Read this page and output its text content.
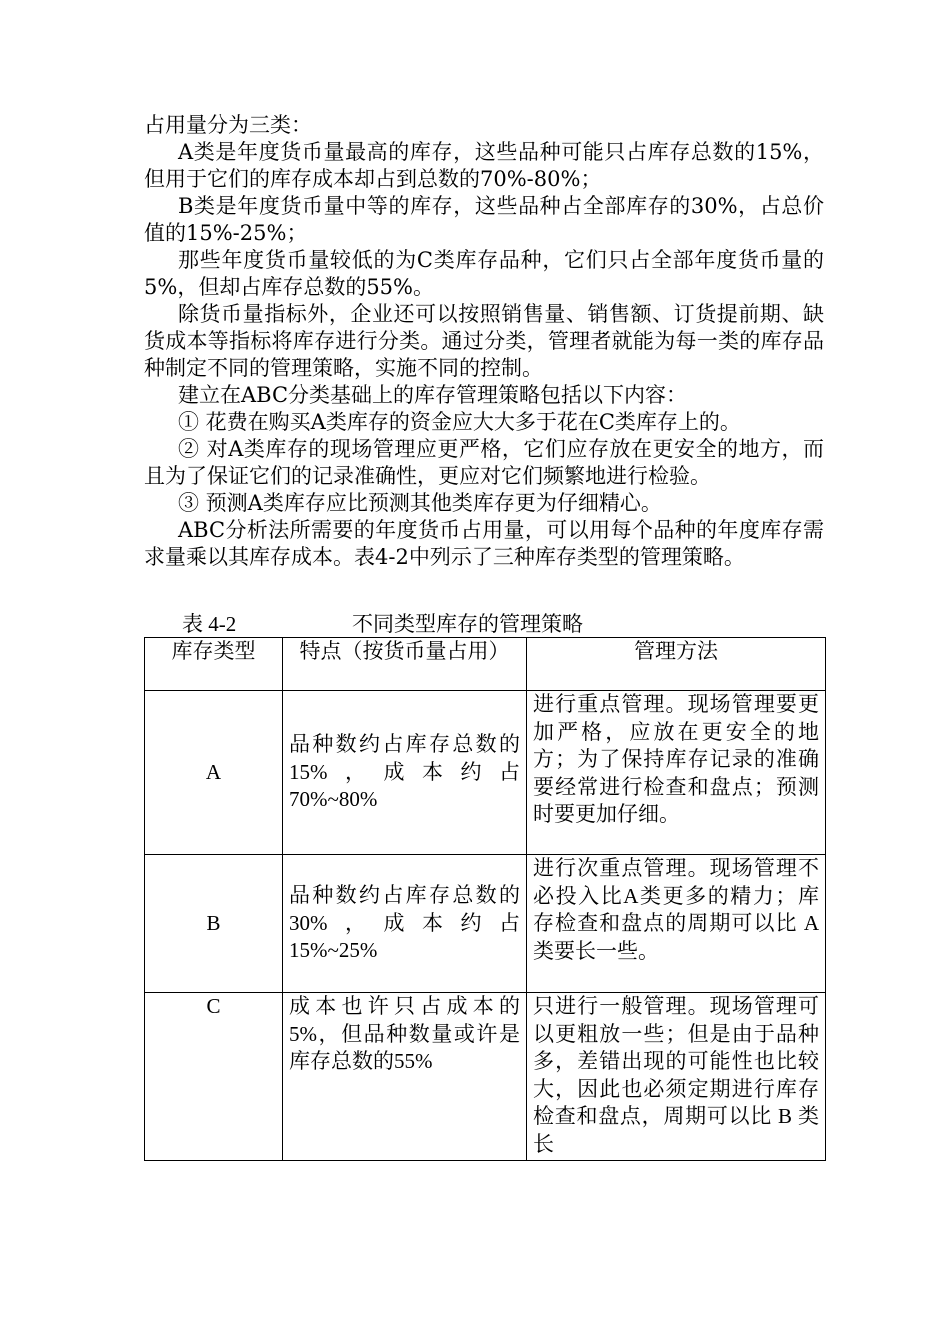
占用量分为三类：

A类是年度货币量最高的库存，这些品种可能只占库存总数的15%，但用于它们的库存成本却占到总数的70%-80%；

B类是年度货币量中等的库存，这些品种占全部库存的30%，占总价值的15%-25%；

那些年度货币量较低的为C类库存品种，它们只占全部年度货币量的5%，但却占库存总数的55%。

除货币量指标外，企业还可以按照销售量、销售额、订货提前期、缺货成本等指标将库存进行分类。通过分类，管理者就能为每一类的库存品种制定不同的管理策略，实施不同的控制。

建立在ABC分类基础上的库存管理策略包括以下内容：

① 花费在购买A类库存的资金应大大多于花在C类库存上的。

② 对A类库存的现场管理应更严格，它们应存放在更安全的地方，而且为了保证它们的记录准确性，更应对它们频繁地进行检验。

③ 预测A类库存应比预测其他类库存更为仔细精心。

ABC分析法所需要的年度货币占用量，可以用每个品种的年度库存需求量乘以其库存成本。表4-2中列示了三种库存类型的管理策略。

表 4-2	不同类型库存的管理策略
库存类型	特点（按货币量占用）	管理方法
A	品种数约占库存总数的 15%，成本约占70%~80%	进行重点管理。现场管理要更加严格，应放在更安全的地方；为了保持库存记录的准确要经常进行检查和盘点；预测时要更加仔细。
B	品种数约占库存总数的 30%，成本约占15%~25%	进行次重点管理。现场管理不必投入比A类更多的精力；库存检查和盘点的周期可以比 A 类要长一些。
C	成本也许只占成本的5%，但品种数量或许是库存总数的55%	只进行一般管理。现场管理可以更粗放一些；但是由于品种多，差错出现的可能性也比较大，因此也必须定期进行库存检查和盘点，周期可以比 B 类长
